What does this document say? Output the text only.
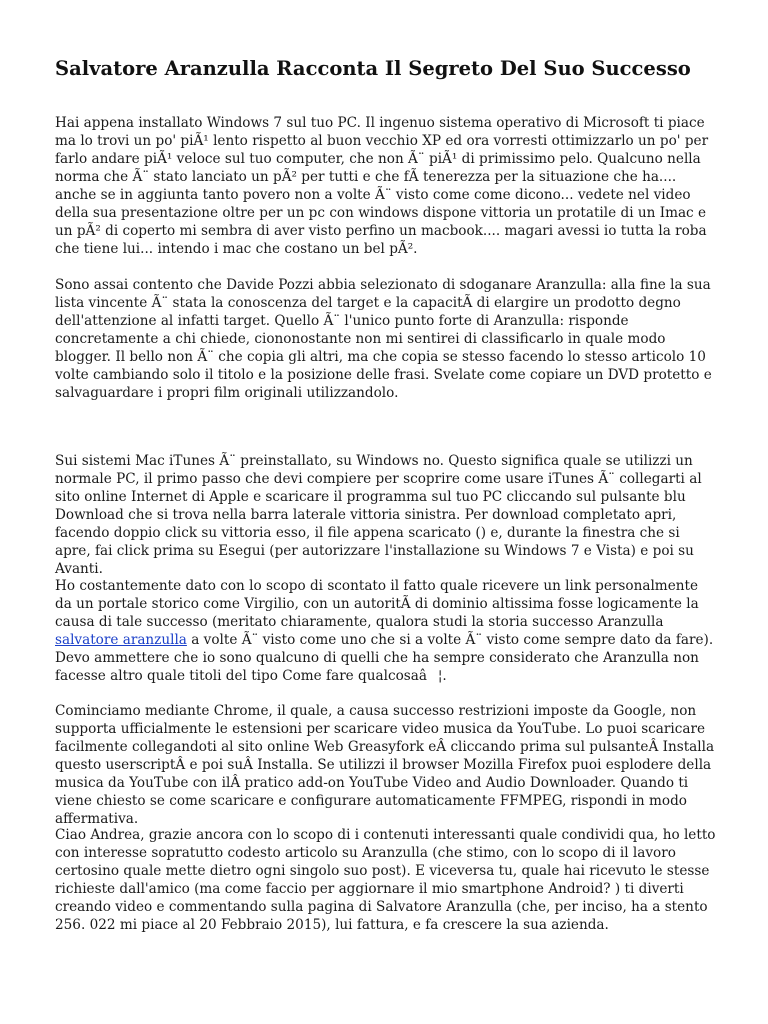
Salvatore Aranzulla Racconta Il Segreto Del Suo Successo

Hai appena installato Windows 7 sul tuo PC. Il ingenuo sistema operativo di Microsoft ti piace ma lo trovi un po' piÃ¹ lento rispetto al buon vecchio XP ed ora vorresti ottimizzarlo un po' per farlo andare piÃ¹ veloce sul tuo computer, che non Ã¨ piÃ¹ di primissimo pelo. Qualcuno nella norma che Ã¨ stato lanciato un pÃ² per tutti e che fÃ tenerezza per la situazione che ha.... anche se in aggiunta tanto povero non a volte Ã¨ visto come come dicono... vedete nel video della sua presentazione oltre per un pc con windows dispone vittoria un protatile di un Imac e un pÃ² di coperto mi sembra di aver visto perfino un macbook.... magari avessi io tutta la roba che tiene lui... intendo i mac che costano un bel pÃ².

Sono assai contento che Davide Pozzi abbia selezionato di sdoganare Aranzulla: alla fine la sua lista vincente Ã¨ stata la conoscenza del target e la capacitÃ di elargire un prodotto degno dell'attenzione al infatti target. Quello Ã¨ l'unico punto forte di Aranzulla: risponde concretamente a chi chiede, ciononostante non mi sentirei di classificarlo in quale modo blogger. Il bello non Ã¨ che copia gli altri, ma che copia se stesso facendo lo stesso articolo 10 volte cambiando solo il titolo e la posizione delle frasi. Svelate come copiare un DVD protetto e salvaguardare i propri film originali utilizzandolo.

Sui sistemi Mac iTunes Ã¨ preinstallato, su Windows no. Questo significa quale se utilizzi un normale PC, il primo passo che devi compiere per scoprire come usare iTunes Ã¨ collegarti al sito online Internet di Apple e scaricare il programma sul tuo PC cliccando sul pulsante blu Download che si trova nella barra laterale vittoria sinistra. Per download completato apri, facendo doppio click su vittoria esso, il file appena scaricato () e, durante la finestra che si apre, fai click prima su Esegui (per autorizzare l'installazione su Windows 7 e Vista) e poi su Avanti.

Ho costantemente dato con lo scopo di scontato il fatto quale ricevere un link personalmente da un portale storico come Virgilio, con un autoritÃ di dominio altissima fosse logicamente la causa di tale successo (meritato chiaramente, qualora studi la storia successo Aranzulla salvatore aranzulla a volte Ã¨ visto come uno che si a volte Ã¨ visto come sempre dato da fare). Devo ammettere che io sono qualcuno di quelli che ha sempre considerato che Aranzulla non facesse altro quale titoli del tipo Come fare qualcosaâ¦.

Cominciamo mediante Chrome, il quale, a causa successo restrizioni imposte da Google, non supporta ufficialmente le estensioni per scaricare video musica da YouTube. Lo puoi scaricare facilmente collegandoti al sito online Web Greasyfork eÂ cliccando prima sul pulsanteÂ Installa questo userscriptÂ e poi suÂ Installa. Se utilizzi il browser Mozilla Firefox puoi esplodere della musica da YouTube con ilÂ pratico add-on YouTube Video and Audio Downloader. Quando ti viene chiesto se come scaricare e configurare automaticamente FFMPEG, rispondi in modo affermativa.

Ciao Andrea, grazie ancora con lo scopo di i contenuti interessanti quale condividi qua, ho letto con interesse sopratutto codesto articolo su Aranzulla (che stimo, con lo scopo di il lavoro certosino quale mette dietro ogni singolo suo post). E viceversa tu, quale hai ricevuto le stesse richieste dall'amico (ma come faccio per aggiornare il mio smartphone Android? ) ti diverti creando video e commentando sulla pagina di Salvatore Aranzulla (che, per inciso, ha a stento 256. 022 mi piace al 20 Febbraio 2015), lui fattura, e fa crescere la sua azienda.
